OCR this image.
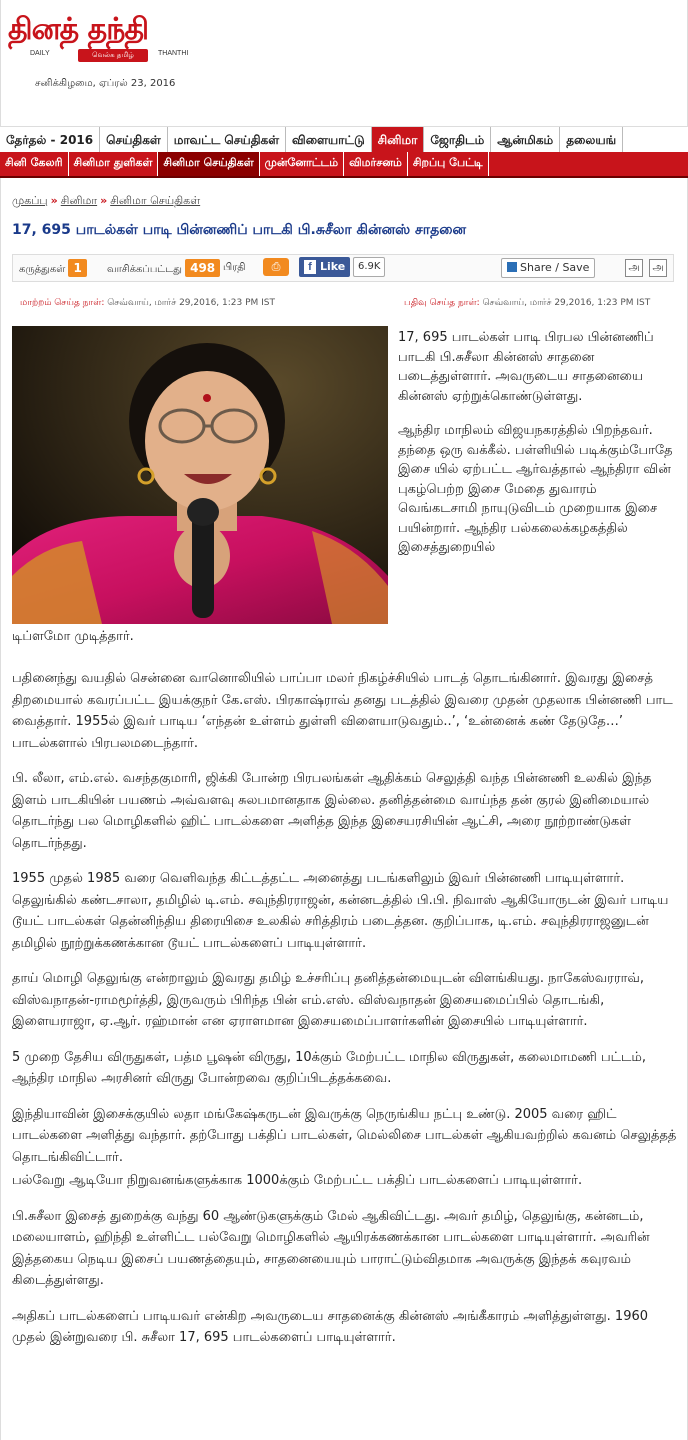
தினத் தந்தி
DAILY	வெல்க தமிழ்	THANTHI
சனிக்கிழமை, ஏப்ரல் 23, 2016
தேர்தல் - 2016	செய்திகள்	மாவட்ட செய்திகள்	விளையாட்டு	சினிமா	ஜோதிடம்	ஆன்மிகம்	தலையங்
சினி கேலரி	சினிமா துளிகள்	சினிமா செய்திகள்	முன்னோட்டம்	விமர்சனம்	சிறப்பு பேட்டி
முகப்பு » சினிமா » சினிமா செய்திகள்
17, 695 பாடல்கள் பாடி பின்னணிப் பாடகி பி.சுசீலா கின்னஸ் சாதனை
கருத்துகள் 1	வாசிக்கப்பட்டது 498 பிரதி	⎙	f Like	6.9K	Share / Save	அ	அ
மாற்றம் செய்த நாள்: செவ்வாய், மார்ச் 29,2016, 1:23 PM IST	பதிவு செய்த நாள்: செவ்வாய், மார்ச் 29,2016, 1:23 PM IST

17, 695 பாடல்கள் பாடி பிரபல பின்னணிப் பாடகி பி.சுசீலா கின்னஸ் சாதனை படைத்துள்ளார். அவருடைய சாதனையை கின்னஸ் ஏற்றுக்கொண்டுள்ளது.

ஆந்திர மாநிலம் விஜயநகரத்தில் பிறந்தவர். தந்தை ஒரு வக்கீல். பள்ளியில் படிக்கும்போதே இசை யில் ஏற்பட்ட ஆர்வத்தால் ஆந்திரா வின் புகழ்பெற்ற இசை மேதை துவாரம் வெங்கடசாமி நாயுடுவிடம் முறையாக இசை பயின்றார். ஆந்திர பல்கலைக்கழகத்தில் இசைத்துறையில்

டிப்ளமோ முடித்தார்.

பதினைந்து வயதில் சென்னை வானொலியில் பாப்பா மலர் நிகழ்ச்சியில் பாடத் தொடங்கினார். இவரது இசைத் திறமையால் கவரப்பட்ட இயக்குநர் கே.எஸ். பிரகாஷ்ராவ் தனது படத்தில் இவரை முதன் முதலாக பின்னணி பாட வைத்தார். 1955ல் இவர் பாடிய ‘எந்தன் உள்ளம் துள்ளி விளையாடுவதும்..’, ‘உன்னைக் கண் தேடுதே…’ பாடல்களால் பிரபலமடைந்தார்.

பி. லீலா, எம்.எல். வசந்தகுமாரி, ஜிக்கி போன்ற பிரபலங்கள் ஆதிக்கம் செலுத்தி வந்த பின்னணி உலகில் இந்த இளம் பாடகியின் பயணம் அவ்வளவு சுலபமானதாக இல்லை. தனித்தன்மை வாய்ந்த தன் குரல் இனிமையால் தொடர்ந்து பல மொழிகளில் ஹிட் பாடல்களை அளித்த இந்த இசையரசியின் ஆட்சி, அரை நூற்றாண்டுகள் தொடர்ந்தது.

1955 முதல் 1985 வரை வெளிவந்த கிட்டத்தட்ட அனைத்து படங்களிலும் இவர் பின்னணி பாடியுள்ளார். தெலுங்கில் கண்டசாலா, தமிழில் டி.எம். சவுந்திரராஜன், கன்னடத்தில் பி.பி. நிவாஸ் ஆகியோருடன் இவர் பாடிய டூயட் பாடல்கள் தென்னிந்திய திரையிசை உலகில் சரித்திரம் படைத்தன. குறிப்பாக, டி.எம். சவுந்திரராஜனுடன் தமிழில் நூற்றுக்கணக்கான டூயட் பாடல்களைப் பாடியுள்ளார்.

தாய் மொழி தெலுங்கு என்றாலும் இவரது தமிழ் உச்சரிப்பு தனித்தன்மையுடன் விளங்கியது. நாகேஸ்வரராவ், விஸ்வநாதன்-ராமமூர்த்தி, இருவரும் பிரிந்த பின் எம்.எஸ். விஸ்வநாதன் இசையமைப்பில் தொடங்கி, இளையராஜா, ஏ.ஆர். ரஹ்மான் என ஏராளமான இசையமைப்பாளர்களின் இசையில் பாடியுள்ளார்.

5 முறை தேசிய விருதுகள், பத்ம பூஷன் விருது, 10க்கும் மேற்பட்ட மாநில விருதுகள், கலைமாமணி பட்டம், ஆந்திர மாநில அரசினர் விருது போன்றவை குறிப்பிடத்தக்கவை.

இந்தியாவின் இசைக்குயில் லதா மங்கேஷ்கருடன் இவருக்கு நெருங்கிய நட்பு உண்டு. 2005 வரை ஹிட் பாடல்களை அளித்து வந்தார். தற்போது பக்திப் பாடல்கள், மெல்லிசை பாடல்கள் ஆகியவற்றில் கவனம் செலுத்தத் தொடங்கிவிட்டார்.

பல்வேறு ஆடியோ நிறுவனங்களுக்காக 1000க்கும் மேற்பட்ட பக்திப் பாடல்களைப் பாடியுள்ளார்.

பி.சுசீலா இசைத் துறைக்கு வந்து 60 ஆண்டுகளுக்கும் மேல் ஆகிவிட்டது. அவர் தமிழ், தெலுங்கு, கன்னடம், மலையாளம், ஹிந்தி உள்ளிட்ட பல்வேறு மொழிகளில் ஆயிரக்கணக்கான பாடல்களை பாடியுள்ளார். அவரின் இத்தகைய நெடிய இசைப் பயணத்தையும், சாதனையையும் பாராட்டும்விதமாக அவருக்கு இந்தக் கவுரவம் கிடைத்துள்ளது.

அதிகப் பாடல்களைப் பாடியவர் என்கிற அவருடைய சாதனைக்கு கின்னஸ் அங்கீகாரம் அளித்துள்ளது. 1960 முதல் இன்றுவரை பி. சுசீலா 17, 695 பாடல்களைப் பாடியுள்ளார்.
